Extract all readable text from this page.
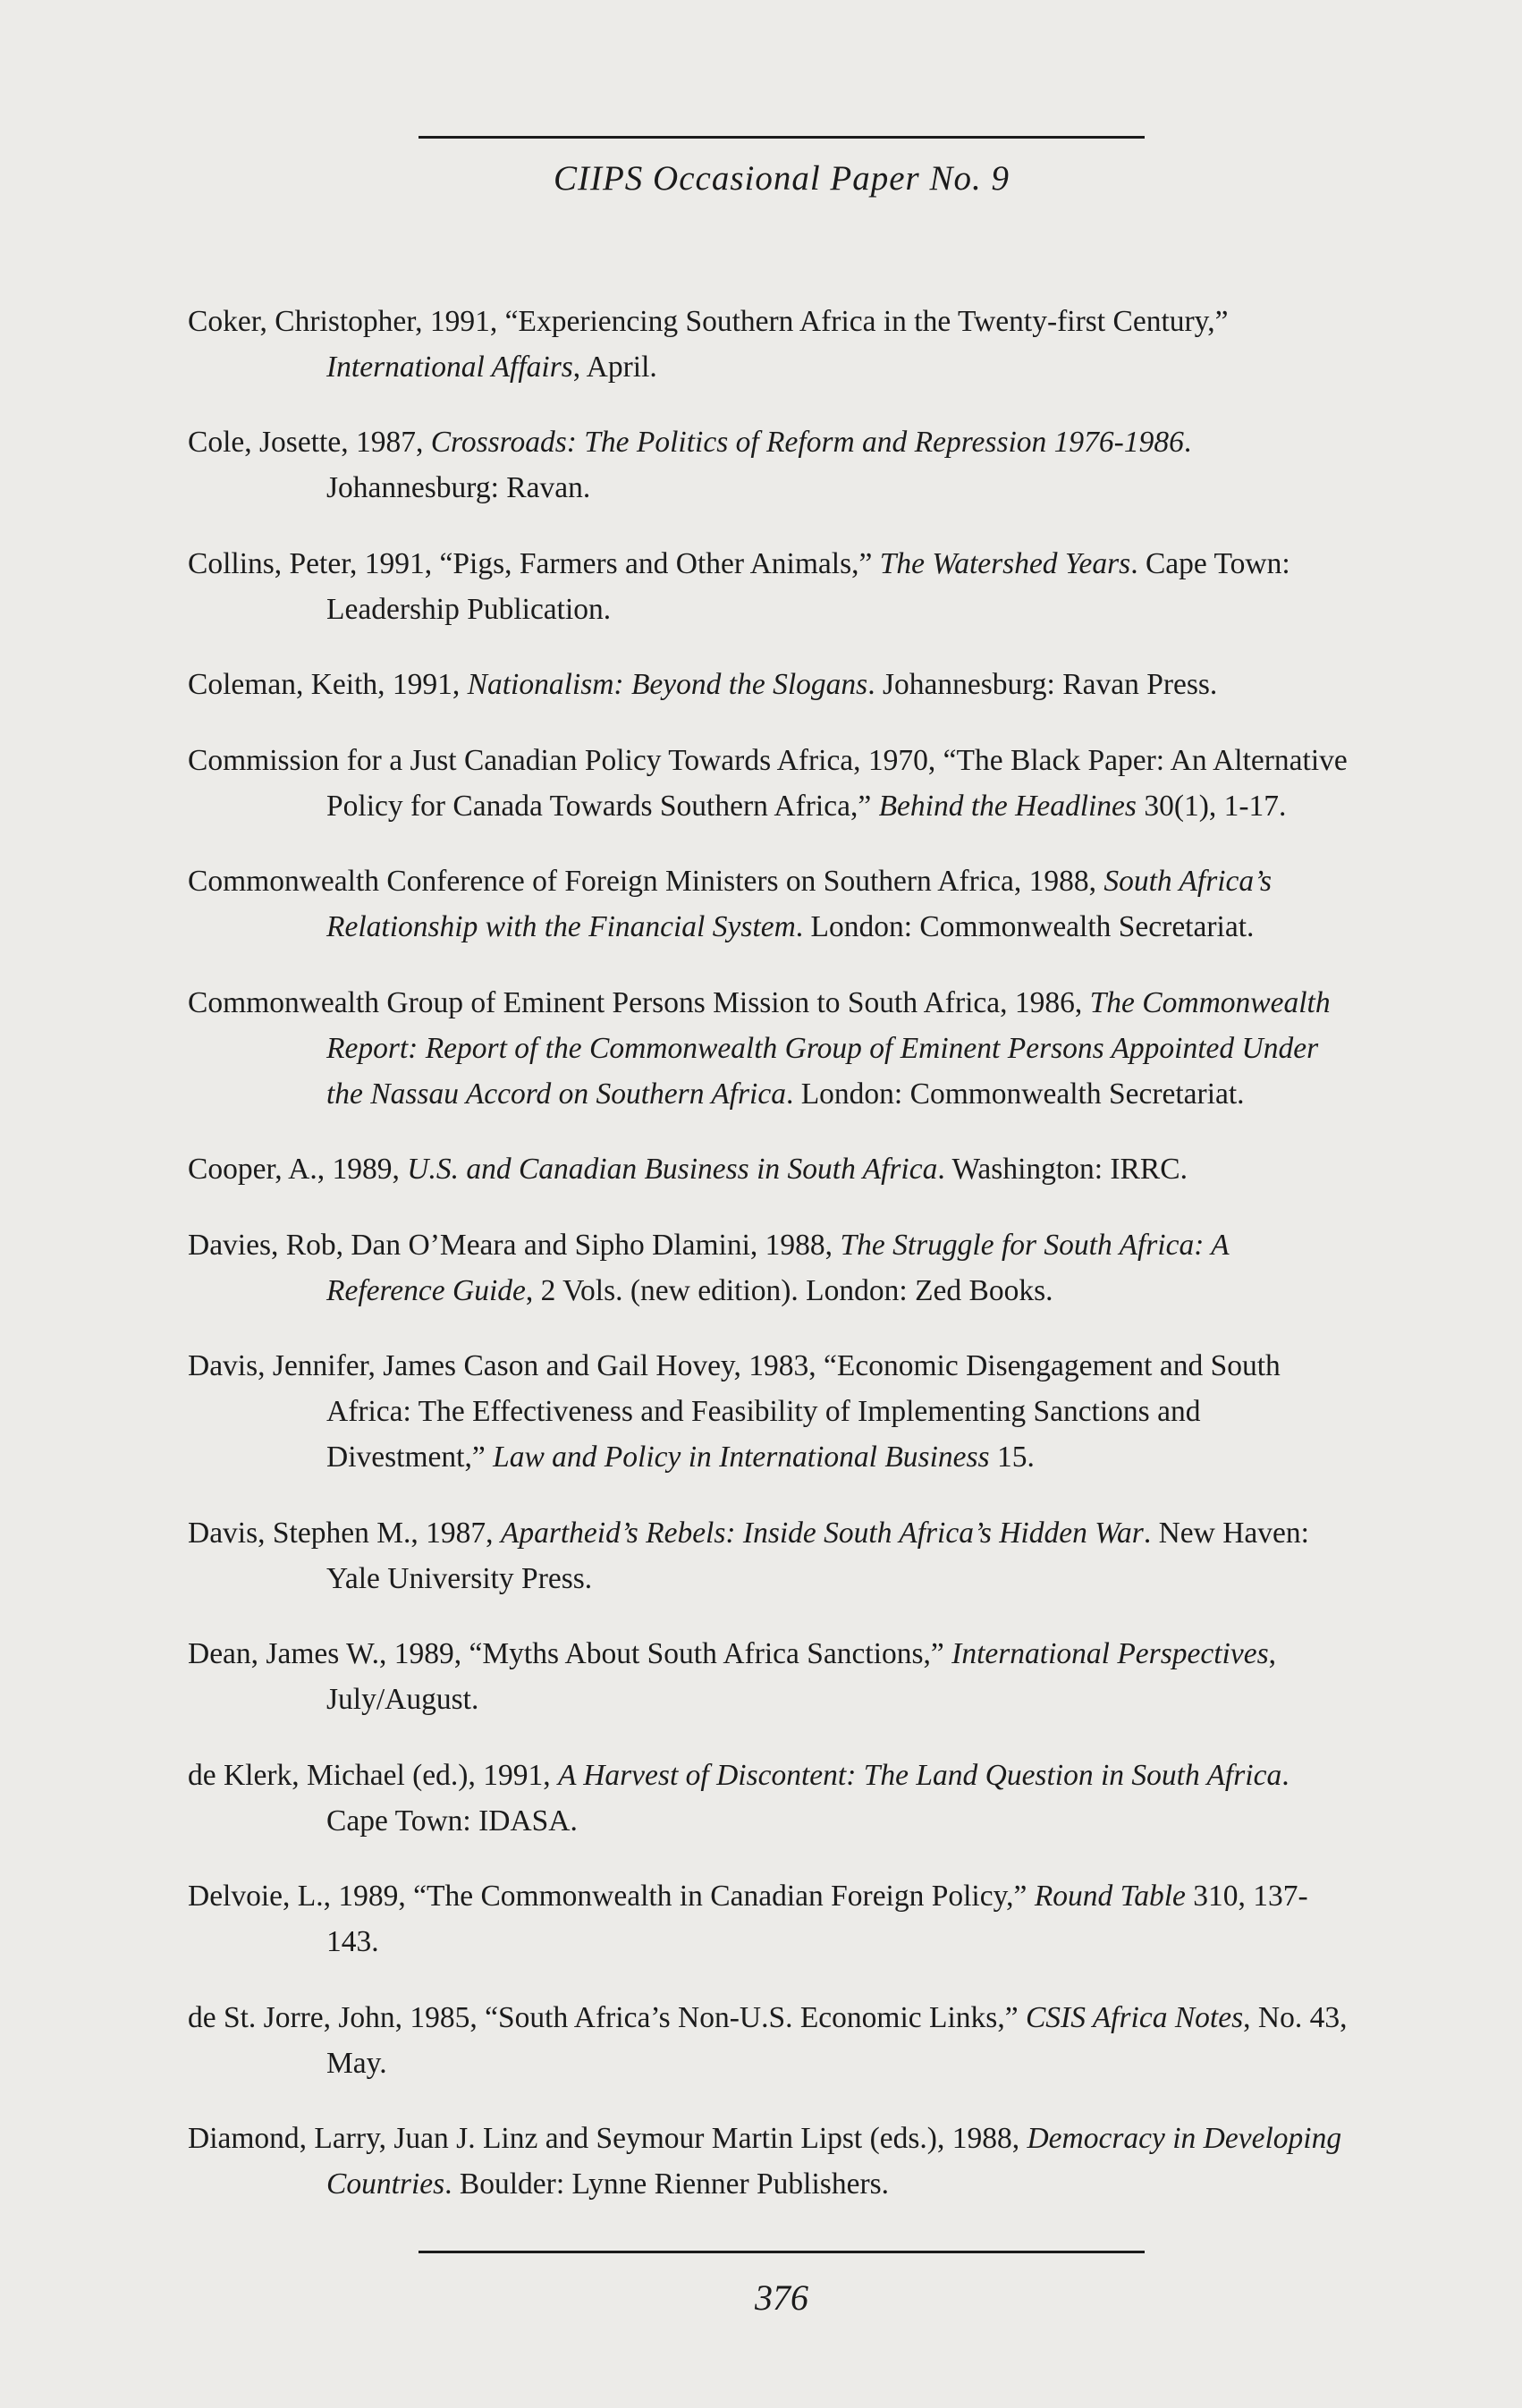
CIIPS Occasional Paper No. 9

Coker, Christopher, 1991, “Experiencing Southern Africa in the Twenty-first Century,” International Affairs, April.

Cole, Josette, 1987, Crossroads: The Politics of Reform and Repression 1976-1986. Johannesburg: Ravan.

Collins, Peter, 1991, “Pigs, Farmers and Other Animals,” The Watershed Years. Cape Town: Leadership Publication.

Coleman, Keith, 1991, Nationalism: Beyond the Slogans. Johannesburg: Ravan Press.

Commission for a Just Canadian Policy Towards Africa, 1970, “The Black Paper: An Alternative Policy for Canada Towards Southern Africa,” Behind the Headlines 30(1), 1-17.

Commonwealth Conference of Foreign Ministers on Southern Africa, 1988, South Africa’s Relationship with the Financial System. London: Commonwealth Secretariat.

Commonwealth Group of Eminent Persons Mission to South Africa, 1986, The Commonwealth Report: Report of the Commonwealth Group of Eminent Persons Appointed Under the Nassau Accord on Southern Africa. London: Commonwealth Secretariat.

Cooper, A., 1989, U.S. and Canadian Business in South Africa. Washington: IRRC.

Davies, Rob, Dan O’Meara and Sipho Dlamini, 1988, The Struggle for South Africa: A Reference Guide, 2 Vols. (new edition). London: Zed Books.

Davis, Jennifer, James Cason and Gail Hovey, 1983, “Economic Disengagement and South Africa: The Effectiveness and Feasibility of Implementing Sanctions and Divestment,” Law and Policy in International Business 15.

Davis, Stephen M., 1987, Apartheid’s Rebels: Inside South Africa’s Hidden War. New Haven: Yale University Press.

Dean, James W., 1989, “Myths About South Africa Sanctions,” International Perspectives, July/August.

de Klerk, Michael (ed.), 1991, A Harvest of Discontent: The Land Question in South Africa. Cape Town: IDASA.

Delvoie, L., 1989, “The Commonwealth in Canadian Foreign Policy,” Round Table 310, 137-143.

de St. Jorre, John, 1985, “South Africa’s Non-U.S. Economic Links,” CSIS Africa Notes, No. 43, May.

Diamond, Larry, Juan J. Linz and Seymour Martin Lipst (eds.), 1988, Democracy in Developing Countries. Boulder: Lynne Rienner Publishers.

376
